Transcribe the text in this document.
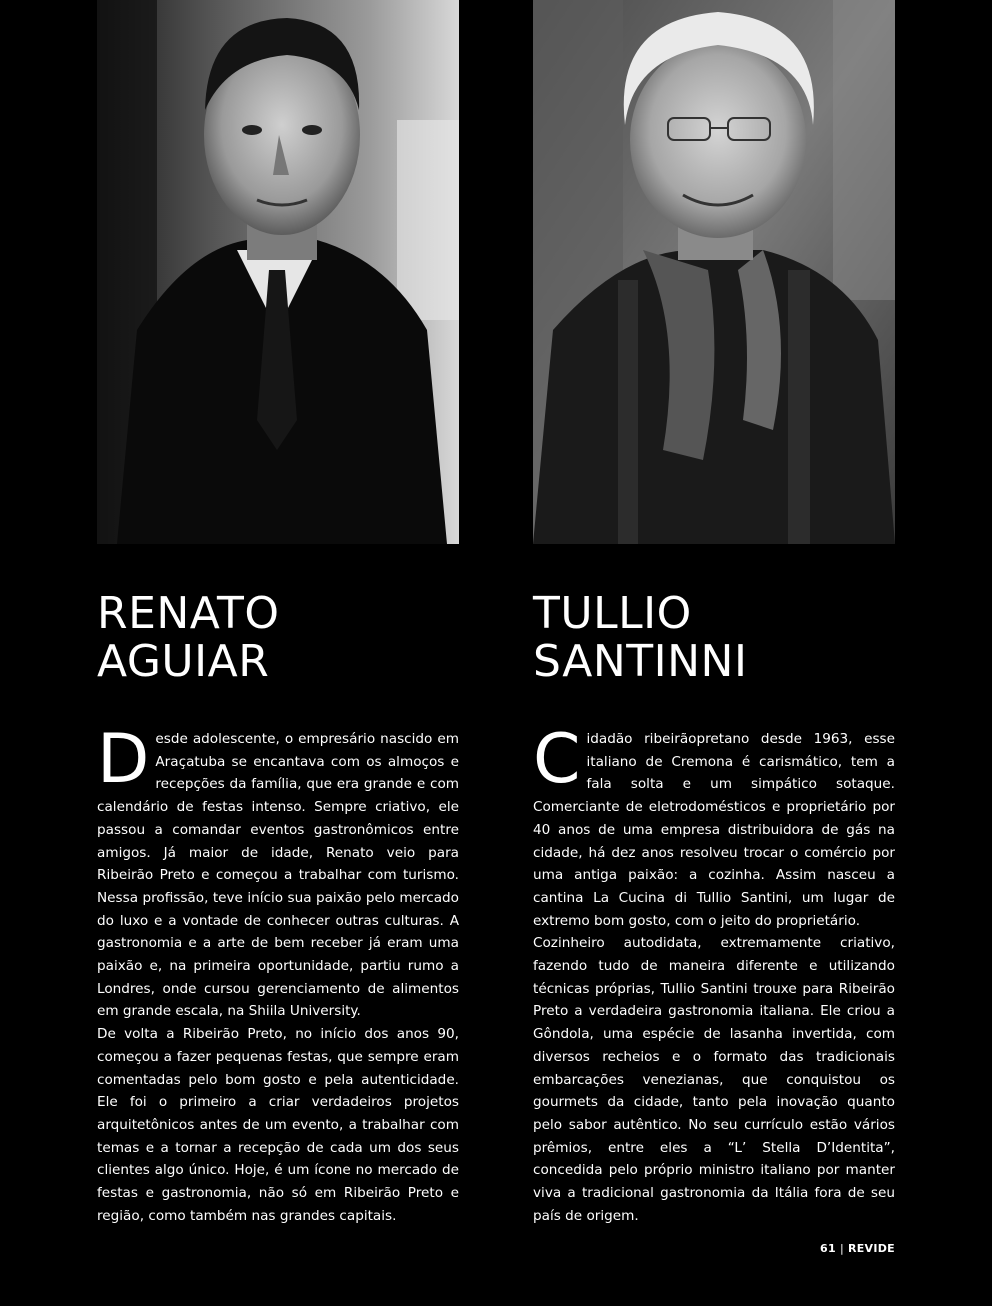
RENATO
AGUIAR
TULLIO
SANTINNI

Desde adolescente, o empresário nascido em Araçatuba se encantava com os almoços e recepções da família, que era grande e com calendário de festas intenso. Sempre criativo, ele passou a comandar eventos gastronômicos entre amigos. Já maior de idade, Renato veio para Ribeirão Preto e começou a trabalhar com turismo. Nessa profissão, teve início sua paixão pelo mercado do luxo e a vontade de conhecer outras culturas. A gastronomia e a arte de bem receber já eram uma paixão e, na primeira oportunidade, partiu rumo a Londres, onde cursou gerenciamento de alimentos em grande escala, na Shiila University.

De volta a Ribeirão Preto, no início dos anos 90, começou a fazer pequenas festas, que sempre eram comentadas pelo bom gosto e pela autenticidade. Ele foi o primeiro a criar verdadeiros projetos arquitetônicos antes de um evento, a trabalhar com temas e a tornar a recepção de cada um dos seus clientes algo único. Hoje, é um ícone no mercado de festas e gastronomia, não só em Ribeirão Preto e região, como também nas grandes capitais.

Cidadão ribeirãopretano desde 1963, esse italiano de Cremona é carismático, tem a fala solta e um simpático sotaque. Comerciante de eletrodomésticos e proprietário por 40 anos de uma empresa distribuidora de gás na cidade, há dez anos resolveu trocar o comércio por uma antiga paixão: a cozinha. Assim nasceu a cantina La Cucina di Tullio Santini, um lugar de extremo bom gosto, com o jeito do proprietário.

Cozinheiro autodidata, extremamente criativo, fazendo tudo de maneira diferente e utilizando técnicas próprias, Tullio Santini trouxe para Ribeirão Preto a verdadeira gastronomia italiana. Ele criou a Gôndola, uma espécie de lasanha invertida, com diversos recheios e o formato das tradicionais embarcações venezianas, que conquistou os gourmets da cidade, tanto pela inovação quanto pelo sabor autêntico. No seu currículo estão vários prêmios, entre eles a “L’ Stella D’Identita”, concedida pelo próprio ministro italiano por manter viva a tradicional gastronomia da Itália fora de seu país de origem.

61 | REVIDE
